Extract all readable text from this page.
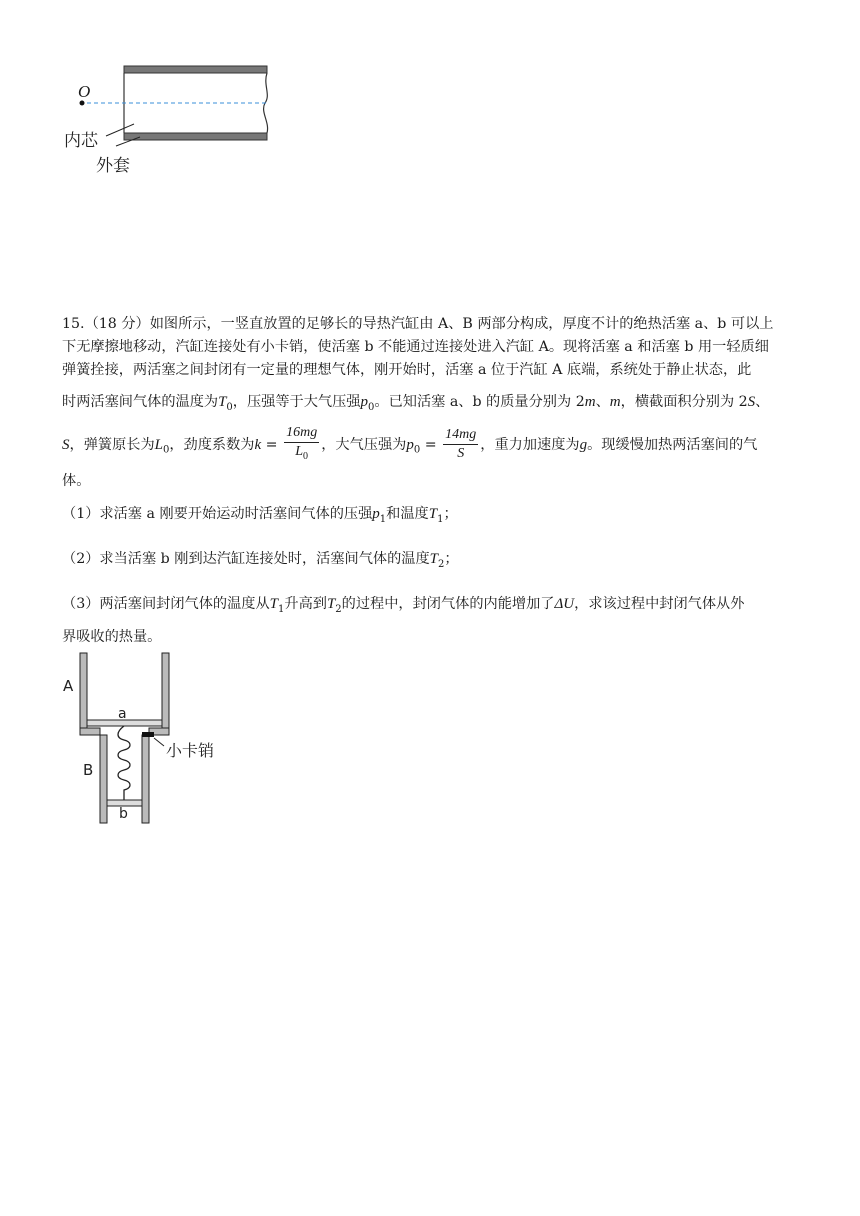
O
内芯
外套
15.（18 分）如图所示，一竖直放置的足够长的导热汽缸由 A、B 两部分构成，厚度不计的绝热活塞 a、b 可以上
下无摩擦地移动，汽缸连接处有小卡销，使活塞 b 不能通过连接处进入汽缸 A。现将活塞 a 和活塞 b 用一轻质细
弹簧拴接，两活塞之间封闭有一定量的理想气体，刚开始时，活塞 a 位于汽缸 A 底端，系统处于静止状态，此
时两活塞间气体的温度为$T_0$，压强等于大气压强$p_0$。已知活塞 a、b 的质量分别为 2m、m，横截面积分别为 2S、
S，弹簧原长为$L_0$，劲度系数为$k = \frac{16mg}{L_0}$ ，大气压强为$p_0 = \frac{14mg}{S}$ ，重力加速度为g。现缓慢加热两活塞间的气
体。
（1）求活塞 a 刚要开始运动时活塞间气体的压强$p_1$和温度$T_1$；
（2）求当活塞 b 刚到达汽缸连接处时，活塞间气体的温度$T_2$；
（3）两活塞间封闭气体的温度从$T_1$升高到$T_2$的过程中，封闭气体的内能增加了ΔU，求该过程中封闭气体从外
界吸收的热量。
A
a
B
小卡销
b
